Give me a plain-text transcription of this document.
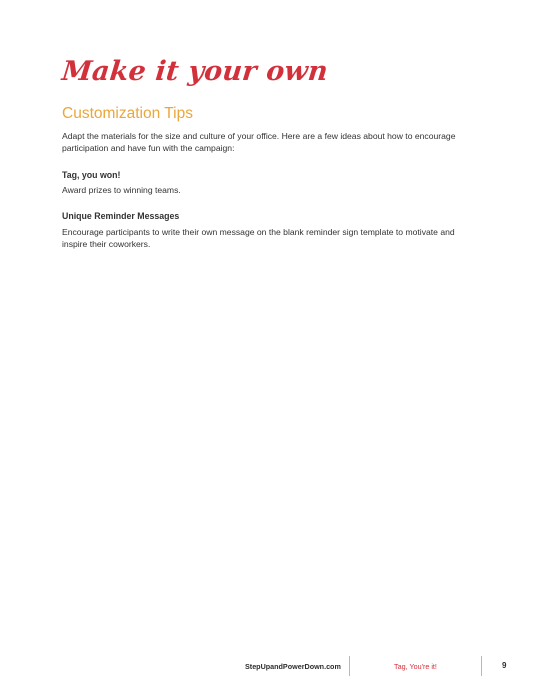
Make it your own
Customization Tips
Adapt the materials for the size and culture of your office. Here are a few ideas about how to encourage participation and have fun with the campaign:
Tag, you won!
Award prizes to winning teams.
Unique Reminder Messages
Encourage participants to write their own message on the blank reminder sign template to motivate and inspire their coworkers.
StepUpandPowerDown.com	Tag, You're it!	9
